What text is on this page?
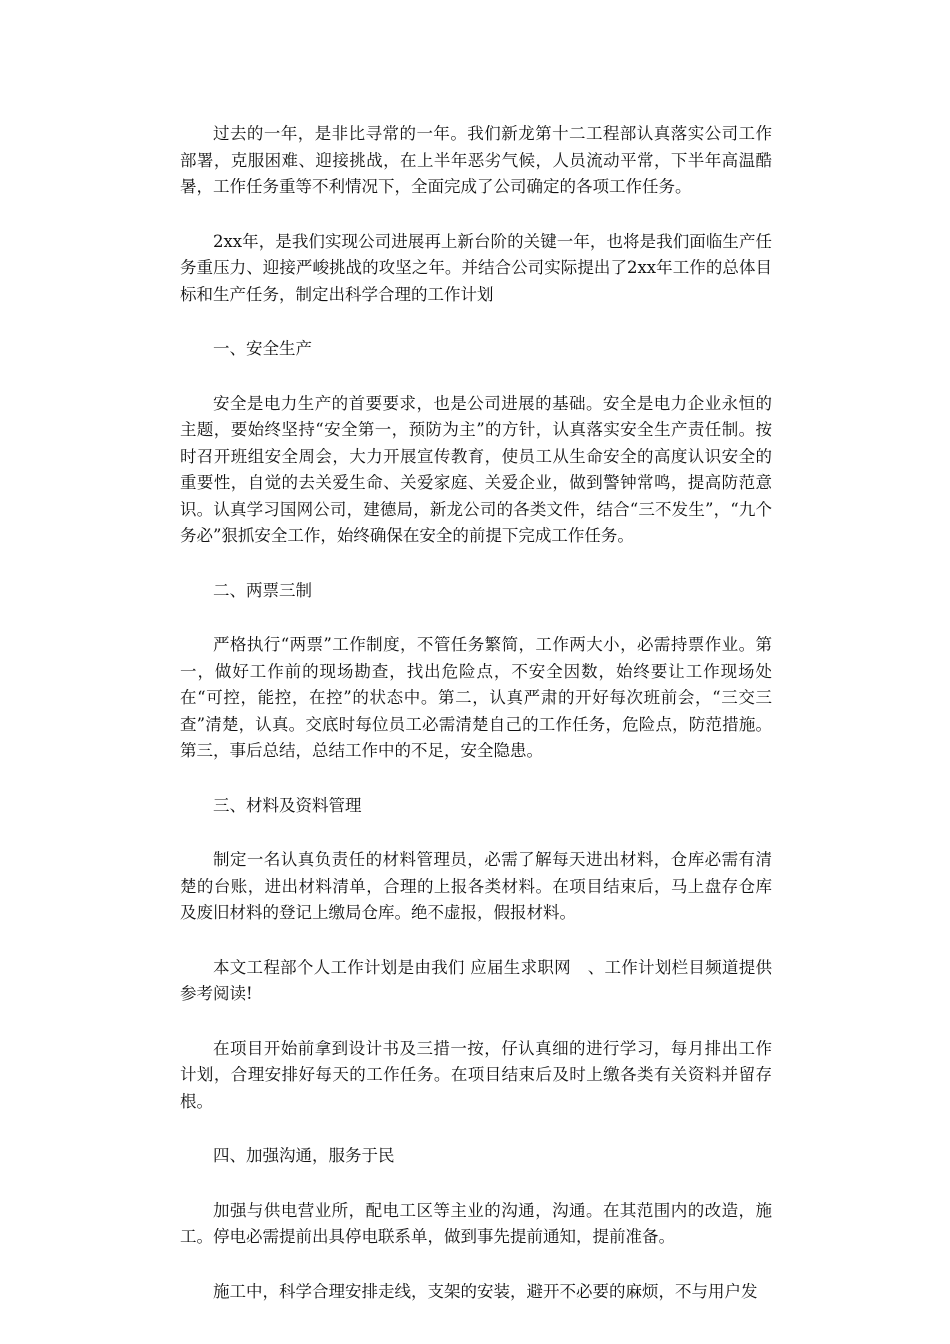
过去的一年，是非比寻常的一年。我们新龙第十二工程部认真落实公司工作部署，克服困难、迎接挑战，在上半年恶劣气候，人员流动平常，下半年高温酷暑，工作任务重等不利情况下，全面完成了公司确定的各项工作任务。

2xx年，是我们实现公司进展再上新台阶的关键一年，也将是我们面临生产任务重压力、迎接严峻挑战的攻坚之年。并结合公司实际提出了2xx年工作的总体目标和生产任务，制定出科学合理的工作计划

一、安全生产

安全是电力生产的首要要求，也是公司进展的基础。安全是电力企业永恒的主题，要始终坚持“安全第一，预防为主”的方针，认真落实安全生产责任制。按时召开班组安全周会，大力开展宣传教育，使员工从生命安全的高度认识安全的重要性，自觉的去关爱生命、关爱家庭、关爱企业，做到警钟常鸣，提高防范意识。认真学习国网公司，建德局，新龙公司的各类文件，结合“三不发生”，“九个务必”狠抓安全工作，始终确保在安全的前提下完成工作任务。

二、两票三制

严格执行“两票”工作制度，不管任务繁简，工作两大小，必需持票作业。第一，做好工作前的现场勘查，找出危险点，不安全因数，始终要让工作现场处在“可控，能控，在控”的状态中。第二，认真严肃的开好每次班前会，“三交三查”清楚，认真。交底时每位员工必需清楚自己的工作任务，危险点，防范措施。第三，事后总结，总结工作中的不足，安全隐患。

三、材料及资料管理

制定一名认真负责任的材料管理员，必需了解每天进出材料，仓库必需有清楚的台账，进出材料清单，合理的上报各类材料。在项目结束后，马上盘存仓库及废旧材料的登记上缴局仓库。绝不虚报，假报材料。

本文工程部个人工作计划是由我们 应届生求职网　、工作计划栏目频道提供参考阅读!

在项目开始前拿到设计书及三措一按，仔认真细的进行学习，每月排出工作计划，合理安排好每天的工作任务。在项目结束后及时上缴各类有关资料并留存根。

四、加强沟通，服务于民

加强与供电营业所，配电工区等主业的沟通，沟通。在其范围内的改造，施工。停电必需提前出具停电联系单，做到事先提前通知，提前准备。

施工中，科学合理安排走线，支架的安装，避开不必要的麻烦，不与用户发
